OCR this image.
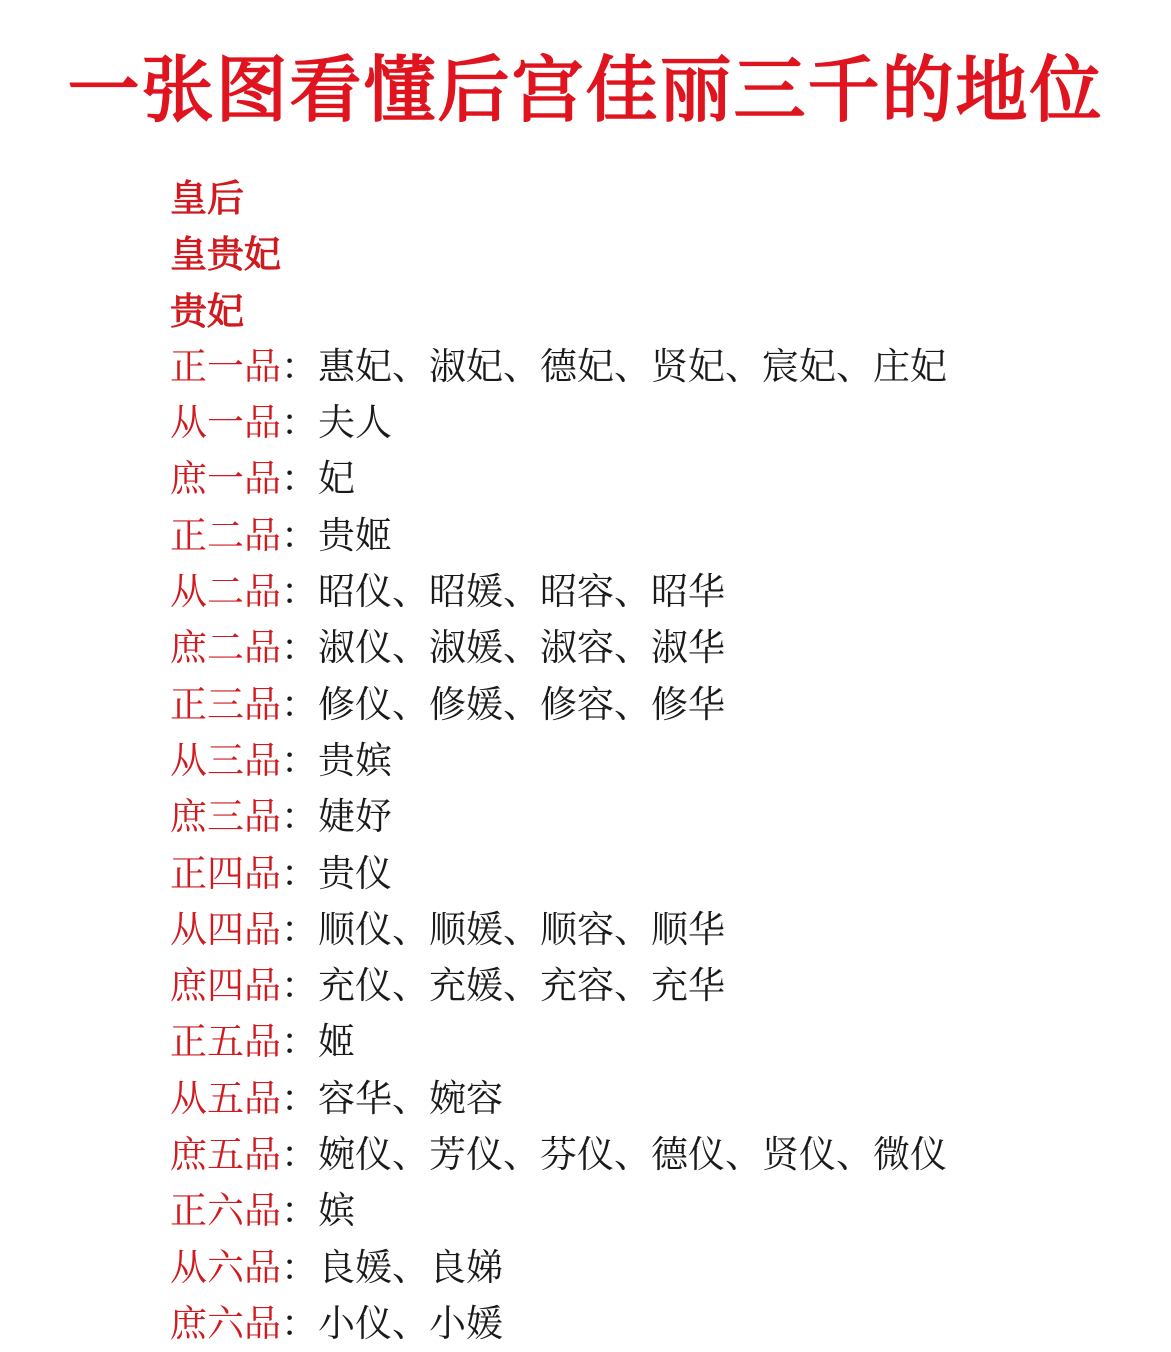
一张图看懂后宫佳丽三千的地位
皇后
皇贵妃
贵妃
正一品：惠妃、淑妃、德妃、贤妃、宸妃、庄妃
从一品：夫人
庶一品：妃
正二品：贵姬
从二品：昭仪、昭媛、昭容、昭华
庶二品：淑仪、淑媛、淑容、淑华
正三品：修仪、修媛、修容、修华
从三品：贵嫔
庶三品：婕妤
正四品：贵仪
从四品：顺仪、顺媛、顺容、顺华
庶四品：充仪、充媛、充容、充华
正五品：姬
从五品：容华、婉容
庶五品：婉仪、芳仪、芬仪、德仪、贤仪、微仪
正六品：嫔
从六品：良媛、良娣
庶六品：小仪、小媛
